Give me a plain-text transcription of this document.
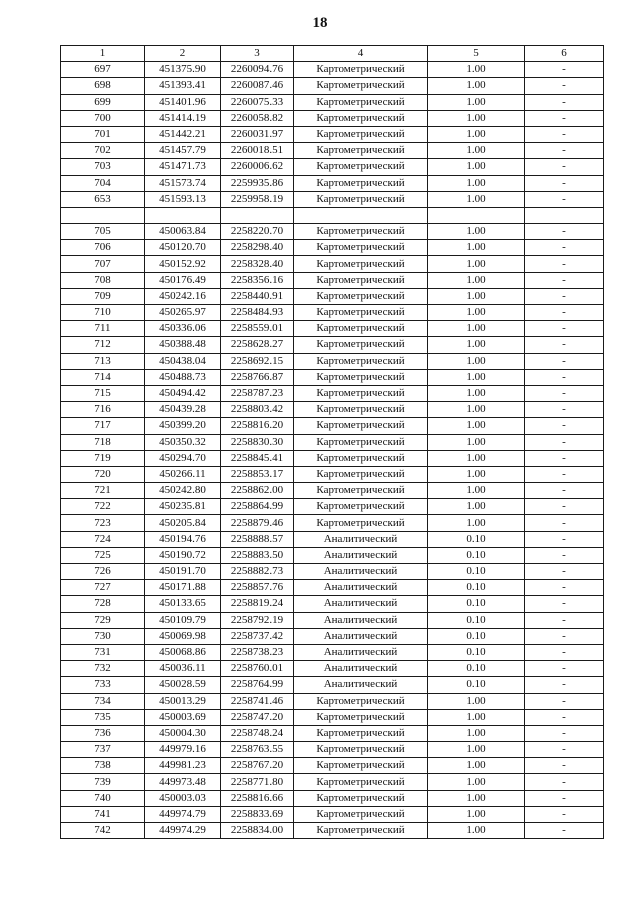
18
1	2	3	4	5	6
697	451375.90	2260094.76	Картометрический	1.00	-
698	451393.41	2260087.46	Картометрический	1.00	-
699	451401.96	2260075.33	Картометрический	1.00	-
700	451414.19	2260058.82	Картометрический	1.00	-
701	451442.21	2260031.97	Картометрический	1.00	-
702	451457.79	2260018.51	Картометрический	1.00	-
703	451471.73	2260006.62	Картометрический	1.00	-
704	451573.74	2259935.86	Картометрический	1.00	-
653	451593.13	2259958.19	Картометрический	1.00	-

705	450063.84	2258220.70	Картометрический	1.00	-
706	450120.70	2258298.40	Картометрический	1.00	-
707	450152.92	2258328.40	Картометрический	1.00	-
708	450176.49	2258356.16	Картометрический	1.00	-
709	450242.16	2258440.91	Картометрический	1.00	-
710	450265.97	2258484.93	Картометрический	1.00	-
711	450336.06	2258559.01	Картометрический	1.00	-
712	450388.48	2258628.27	Картометрический	1.00	-
713	450438.04	2258692.15	Картометрический	1.00	-
714	450488.73	2258766.87	Картометрический	1.00	-
715	450494.42	2258787.23	Картометрический	1.00	-
716	450439.28	2258803.42	Картометрический	1.00	-
717	450399.20	2258816.20	Картометрический	1.00	-
718	450350.32	2258830.30	Картометрический	1.00	-
719	450294.70	2258845.41	Картометрический	1.00	-
720	450266.11	2258853.17	Картометрический	1.00	-
721	450242.80	2258862.00	Картометрический	1.00	-
722	450235.81	2258864.99	Картометрический	1.00	-
723	450205.84	2258879.46	Картометрический	1.00	-
724	450194.76	2258888.57	Аналитический	0.10	-
725	450190.72	2258883.50	Аналитический	0.10	-
726	450191.70	2258882.73	Аналитический	0.10	-
727	450171.88	2258857.76	Аналитический	0.10	-
728	450133.65	2258819.24	Аналитический	0.10	-
729	450109.79	2258792.19	Аналитический	0.10	-
730	450069.98	2258737.42	Аналитический	0.10	-
731	450068.86	2258738.23	Аналитический	0.10	-
732	450036.11	2258760.01	Аналитический	0.10	-
733	450028.59	2258764.99	Аналитический	0.10	-
734	450013.29	2258741.46	Картометрический	1.00	-
735	450003.69	2258747.20	Картометрический	1.00	-
736	450004.30	2258748.24	Картометрический	1.00	-
737	449979.16	2258763.55	Картометрический	1.00	-
738	449981.23	2258767.20	Картометрический	1.00	-
739	449973.48	2258771.80	Картометрический	1.00	-
740	450003.03	2258816.66	Картометрический	1.00	-
741	449974.79	2258833.69	Картометрический	1.00	-
742	449974.29	2258834.00	Картометрический	1.00	-
